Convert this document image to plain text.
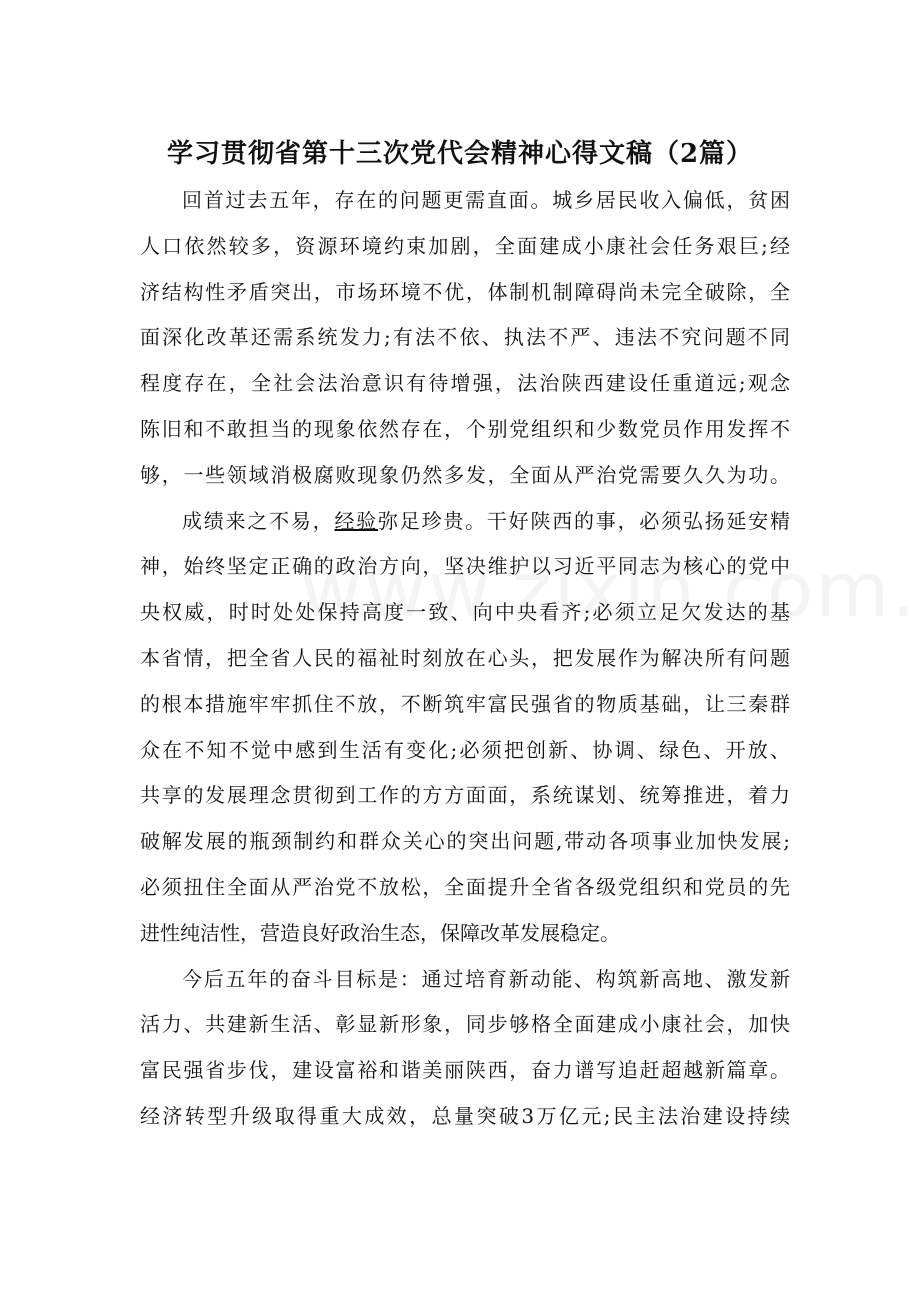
学习贯彻省第十三次党代会精神心得文稿（2篇）

回首过去五年，存在的问题更需直面。城乡居民收入偏低，贫困
人口依然较多，资源环境约束加剧，全面建成小康社会任务艰巨;经
济结构性矛盾突出，市场环境不优，体制机制障碍尚未完全破除，全
面深化改革还需系统发力;有法不依、执法不严、违法不究问题不同
程度存在，全社会法治意识有待增强，法治陕西建设任重道远;观念
陈旧和不敢担当的现象依然存在，个别党组织和少数党员作用发挥不
够，一些领域消极腐败现象仍然多发，全面从严治党需要久久为功。

成绩来之不易，经验弥足珍贵。干好陕西的事，必须弘扬延安精
神，始终坚定正确的政治方向，坚决维护以习近平同志为核心的党中
央权威，时时处处保持高度一致、向中央看齐;必须立足欠发达的基
本省情，把全省人民的福祉时刻放在心头，把发展作为解决所有问题
的根本措施牢牢抓住不放，不断筑牢富民强省的物质基础，让三秦群
众在不知不觉中感到生活有变化;必须把创新、协调、绿色、开放、
共享的发展理念贯彻到工作的方方面面，系统谋划、统筹推进，着力
破解发展的瓶颈制约和群众关心的突出问题,带动各项事业加快发展;
必须扭住全面从严治党不放松，全面提升全省各级党组织和党员的先
进性纯洁性，营造良好政治生态，保障改革发展稳定。

今后五年的奋斗目标是：通过培育新动能、构筑新高地、激发新
活力、共建新生活、彰显新形象，同步够格全面建成小康社会，加快
富民强省步伐，建设富裕和谐美丽陕西，奋力谱写追赶超越新篇章。
经济转型升级取得重大成效，总量突破3万亿元;民主法治建设持续
